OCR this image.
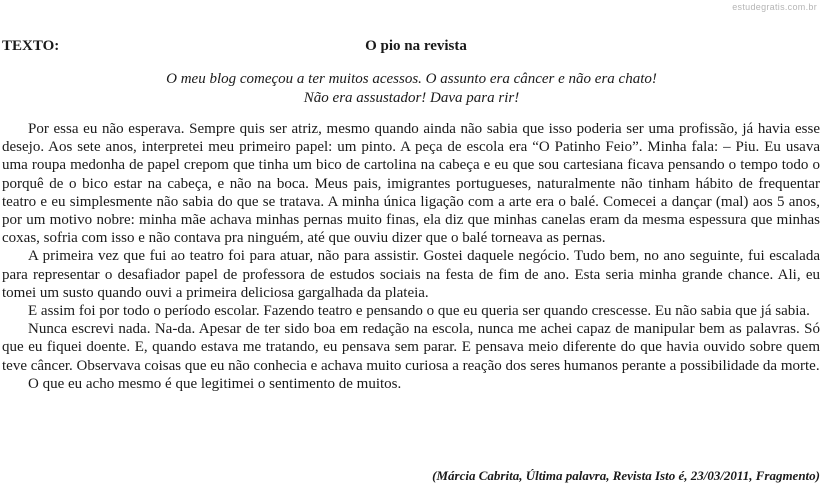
estudegratis.com.br
TEXTO:	O pio na revista
O meu blog começou a ter muitos acessos. O assunto era câncer e não era chato!
Não era assustador! Dava para rir!

Por essa eu não esperava. Sempre quis ser atriz, mesmo quando ainda não sabia que isso poderia ser uma profissão, já havia esse desejo. Aos sete anos, interpretei meu primeiro papel: um pinto. A peça de escola era “O Patinho Feio”. Minha fala: – Piu. Eu usava uma roupa medonha de papel crepom que tinha um bico de cartolina na cabeça e eu que sou cartesiana ficava pensando o tempo todo o porquê de o bico estar na cabeça, e não na boca. Meus pais, imigrantes portugueses, naturalmente não tinham hábito de frequentar teatro e eu simplesmente não sabia do que se tratava. A minha única ligação com a arte era o balé. Comecei a dançar (mal) aos 5 anos, por um motivo nobre: minha mãe achava minhas pernas muito finas, ela diz que minhas canelas eram da mesma espessura que minhas coxas, sofria com isso e não contava pra ninguém, até que ouviu dizer que o balé torneava as pernas.

A primeira vez que fui ao teatro foi para atuar, não para assistir. Gostei daquele negócio. Tudo bem, no ano seguinte, fui escalada para representar o desafiador papel de professora de estudos sociais na festa de fim de ano. Esta seria minha grande chance. Ali, eu tomei um susto quando ouvi a primeira deliciosa gargalhada da plateia.

E assim foi por todo o período escolar. Fazendo teatro e pensando o que eu queria ser quando crescesse. Eu não sabia que já sabia.

Nunca escrevi nada. Na-da. Apesar de ter sido boa em redação na escola, nunca me achei capaz de manipular bem as palavras. Só que eu fiquei doente. E, quando estava me tratando, eu pensava sem parar. E pensava meio diferente do que havia ouvido sobre quem teve câncer. Observava coisas que eu não conhecia e achava muito curiosa a reação dos seres humanos perante a possibilidade da morte.

O que eu acho mesmo é que legitimei o sentimento de muitos.

(Márcia Cabrita, Última palavra, Revista Isto é, 23/03/2011, Fragmento)
